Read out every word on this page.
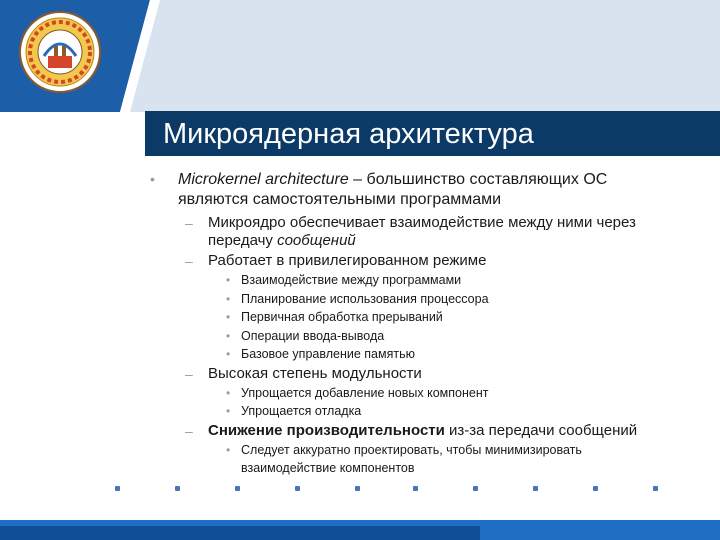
Микроядерная архитектура
• Microkernel architecture – большинство составляющих ОС
являются самостоятельными программами
– Микроядро обеспечивает взаимодействие между ними через
передачу сообщений
– Работает в привилегированном режиме
• Взаимодействие между программами
• Планирование использования процессора
• Первичная обработка прерываний
• Операции ввода-вывода
• Базовое управление памятью
– Высокая степень модульности
• Упрощается добавление новых компонент
• Упрощается отладка
– Снижение производительности из-за передачи сообщений
• Следует аккуратно проектировать, чтобы минимизировать
взаимодействие компонентов
